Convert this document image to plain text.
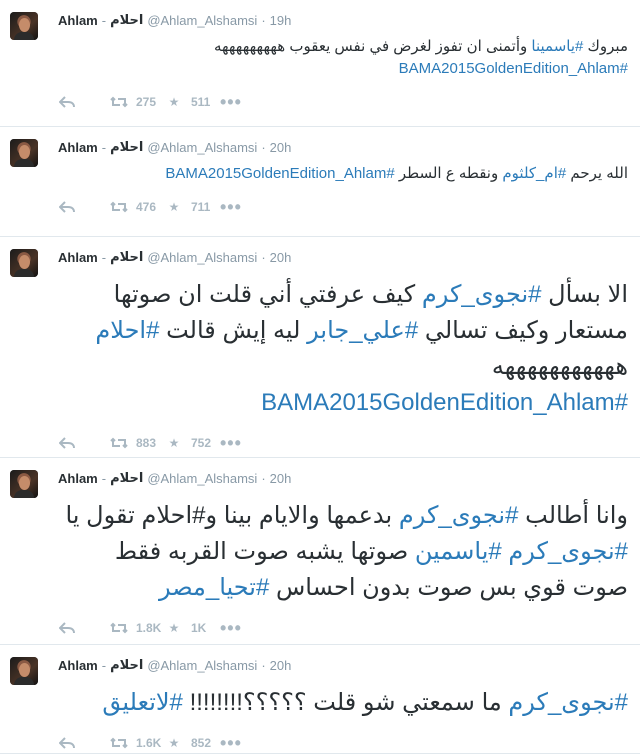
Ahlam - احلام @Ahlam_Alshamsi · 19h
مبروك #ياسمينا وأتمنى ان تفوز لغرض في نفس يعقوب هههههههههه
#BAMA2015GoldenEdition_Ahlam
275	★ 511 •••
Ahlam - احلام @Ahlam_Alshamsi · 20h
الله يرحم #ام_كلثوم ونقطه ع السطر #BAMA2015GoldenEdition_Ahlam
476	★ 711 •••
Ahlam - احلام @Ahlam_Alshamsi · 20h
الا بسأل #نجوى_كرم كيف عرفتي أني قلت ان صوتها مستعار وكيف تسالي #علي_جابر ليه إيش قالت #احلام
هههههههههههه
#BAMA2015GoldenEdition_Ahlam
883	★ 752 •••
Ahlam - احلام @Ahlam_Alshamsi · 20h
وانا أطالب #نجوى_كرم بدعمها والايام بينا و#احلام تقول يا
#نجوى_كرم #ياسمين صوتها يشبه صوت القربه فقط صوت قوي بس صوت بدون احساس #تحيا_مصر
1.8K ★ 1K •••
Ahlam - احلام @Ahlam_Alshamsi · 20h
#نجوى_كرم ما سمعتي شو قلت ؟؟؟؟؟!!!!!!!! #لاتعليق
1.6K ★ 852 •••
